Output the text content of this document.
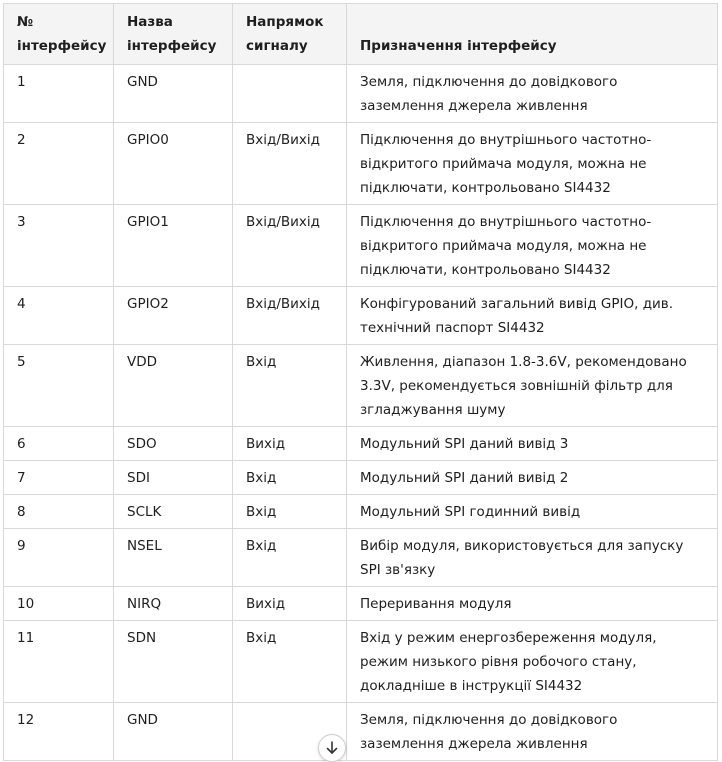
№ інтерфейсу	Назва інтерфейсу	Напрямок сигналу	Призначення інтерфейсу
1	GND		Земля, підключення до довідкового заземлення джерела живлення
2	GPIO0	Вхід/Вихід	Підключення до внутрішнього частотно-відкритого приймача модуля, можна не підключати, контрольовано SI4432
3	GPIO1	Вхід/Вихід	Підключення до внутрішнього частотно-відкритого приймача модуля, можна не підключати, контрольовано SI4432
4	GPIO2	Вхід/Вихід	Конфігурований загальний вивід GPIO, див. технічний паспорт SI4432
5	VDD	Вхід	Живлення, діапазон 1.8-3.6V, рекомендовано 3.3V, рекомендується зовнішній фільтр для згладжування шуму
6	SDO	Вихід	Модульний SPI даний вивід 3
7	SDI	Вхід	Модульний SPI даний вивід 2
8	SCLK	Вхід	Модульний SPI годинний вивід
9	NSEL	Вхід	Вибір модуля, використовується для запуску SPI зв'язку
10	NIRQ	Вихід	Переривання модуля
11	SDN	Вхід	Вхід у режим енергозбереження модуля, режим низького рівня робочого стану, докладніше в інструкції SI4432
12	GND		Земля, підключення до довідкового заземлення джерела живлення
